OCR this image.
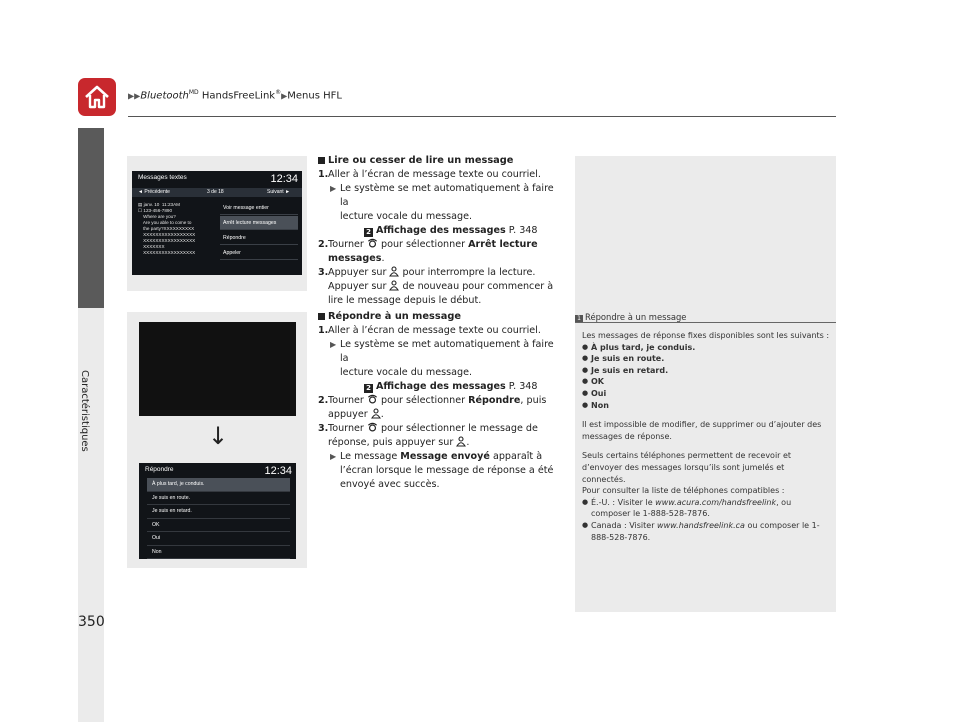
▶▶Bluetooth$^{MD}$ HandsFreeLink®▶Menus HFL
Caractéristiques
Messages textes	12:34
◄ Précédente	3 de 18	Suivant ►
▤ janv. 10  11:23AM
☐ 123-456-7890
Where are you?
Are you able to come to
the party?XXXXXXXXXX
XXXXXXXXXXXXXXXXX
XXXXXXXXXXXXXXXXX
XXXXXXX
XXXXXXXXXXXXXXXXX
Voir message entier
Arrêt lecture messages
Répondre
Appeler
↓
Répondre	12:34
À plus tard, je conduis.
Je suis en route.
Je suis en retard.
OK
Oui
Non
Lire ou cesser de lire un message
1. Aller à l’écran de message texte ou courriel.
▶ Le système se met automatiquement à faire la
lecture vocale du message.
2 Affichage des messages P. 348
2. Tourner  pour sélectionner Arrêt lecture
messages.
3. Appuyer sur  pour interrompre la lecture.
Appuyer sur  de nouveau pour commencer à
lire le message depuis le début.
Répondre à un message
1. Aller à l’écran de message texte ou courriel.
▶ Le système se met automatiquement à faire la
lecture vocale du message.
2 Affichage des messages P. 348
2. Tourner  pour sélectionner Répondre, puis
appuyer .
3. Tourner  pour sélectionner le message de
réponse, puis appuyer sur .
▶ Le message Message envoyé apparaît à
l’écran lorsque le message de réponse a été
envoyé avec succès.
1 Répondre à un message
Les messages de réponse fixes disponibles sont les suivants :
● À plus tard, je conduis.
● Je suis en route.
● Je suis en retard.
● OK
● Oui
● Non
Il est impossible de modifier, de supprimer ou d’ajouter des
messages de réponse.
Seuls certains téléphones permettent de recevoir et
d’envoyer des messages lorsqu’ils sont jumelés et connectés.
Pour consulter la liste de téléphones compatibles :
● É.-U. : Visiter le www.acura.com/handsfreelink, ou
composer le 1-888-528-7876.
● Canada : Visiter www.handsfreelink.ca ou composer le 1-
888-528-7876.
350
